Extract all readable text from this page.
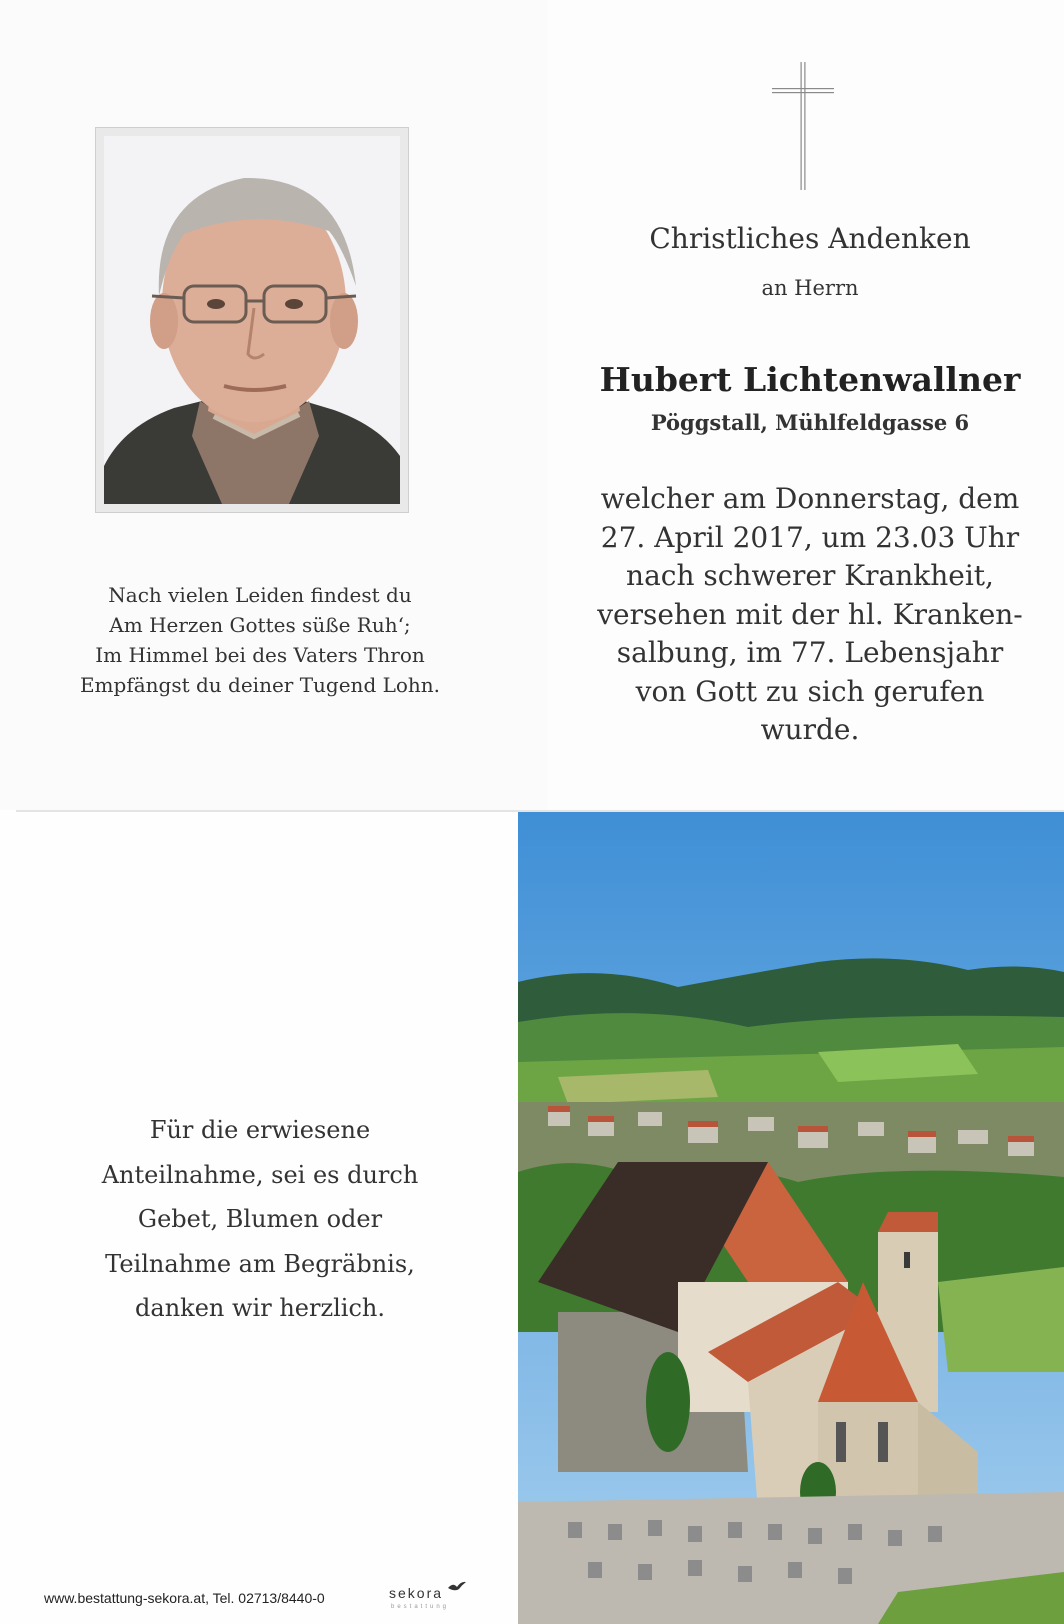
Nach vielen Leiden findest du
Am Herzen Gottes süße Ruh‘;
Im Himmel bei des Vaters Thron
Empfängst du deiner Tugend Lohn.
Christliches Andenken
an Herrn
Hubert Lichtenwallner
Pöggstall, Mühlfeldgasse 6
welcher am Donnerstag, dem
27. April 2017, um 23.03 Uhr
nach schwerer Krankheit,
versehen mit der hl. Kranken-
salbung, im 77. Lebensjahr
von Gott zu sich gerufen
wurde.
Für die erwiesene
Anteilnahme, sei es durch
Gebet, Blumen oder
Teilnahme am Begräbnis,
danken wir herzlich.
www.bestattung-sekora.at, Tel. 02713/8440-0	sekora
bestattung
